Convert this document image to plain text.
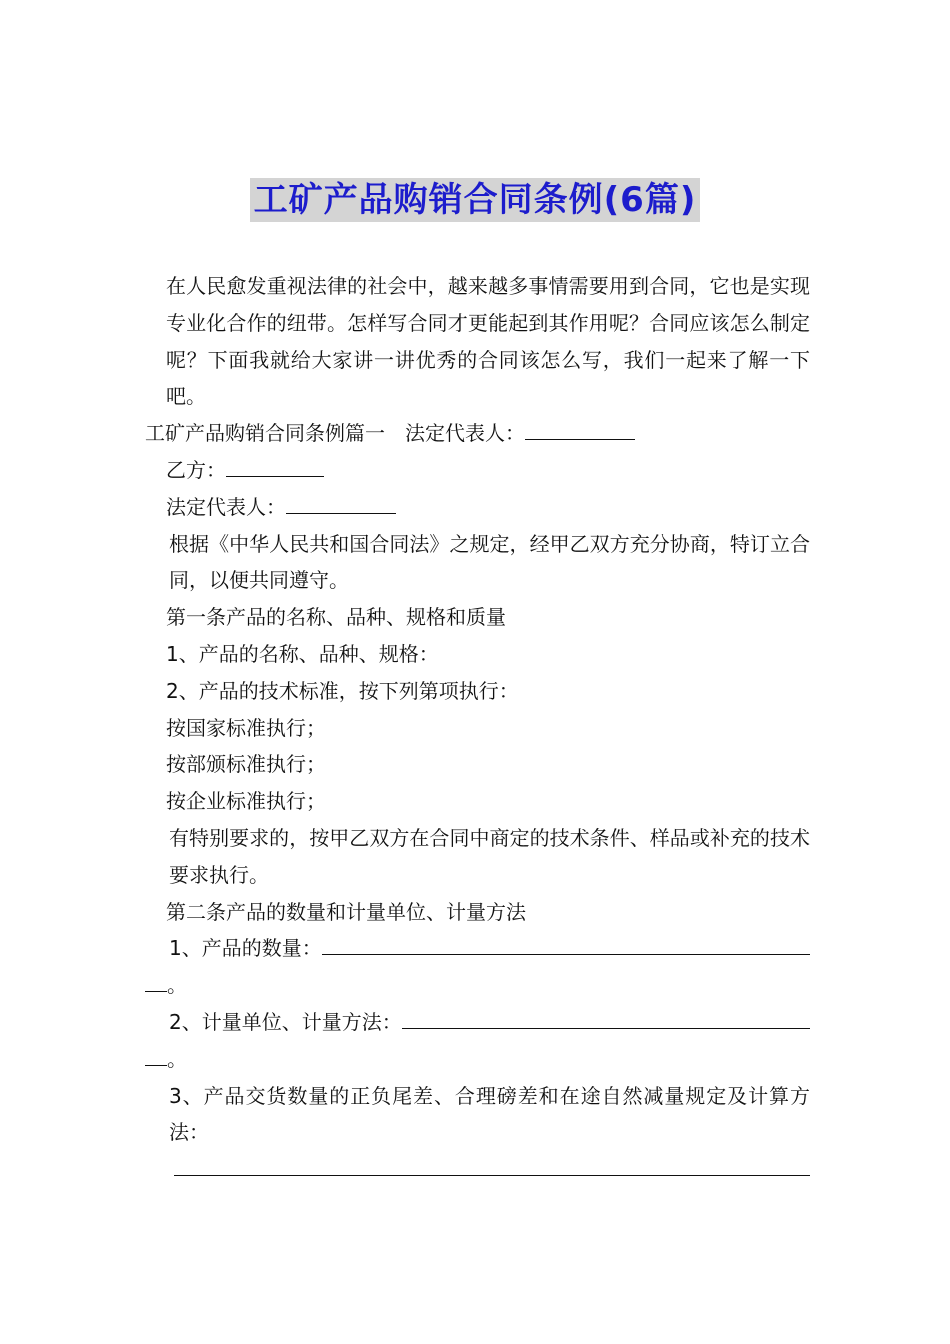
工矿产品购销合同条例(6篇)

在人民愈发重视法律的社会中，越来越多事情需要用到合同，它也是实现专业化合作的纽带。怎样写合同才更能起到其作用呢？合同应该怎么制定呢？下面我就给大家讲一讲优秀的合同该怎么写，我们一起来了解一下吧。

工矿产品购销合同条例篇一　法定代表人：

乙方：

法定代表人：

根据《中华人民共和国合同法》之规定，经甲乙双方充分协商，特订立合同，以便共同遵守。

第一条产品的名称、品种、规格和质量

1、产品的名称、品种、规格：

2、产品的技术标准，按下列第项执行：

按国家标准执行；

按部颁标准执行；

按企业标准执行；

有特别要求的，按甲乙双方在合同中商定的技术条件、样品或补充的技术要求执行。

第二条产品的数量和计量单位、计量方法

1、产品的数量：

。

2、计量单位、计量方法：

。

3、产品交货数量的正负尾差、合理磅差和在途自然减量规定及计算方法：
